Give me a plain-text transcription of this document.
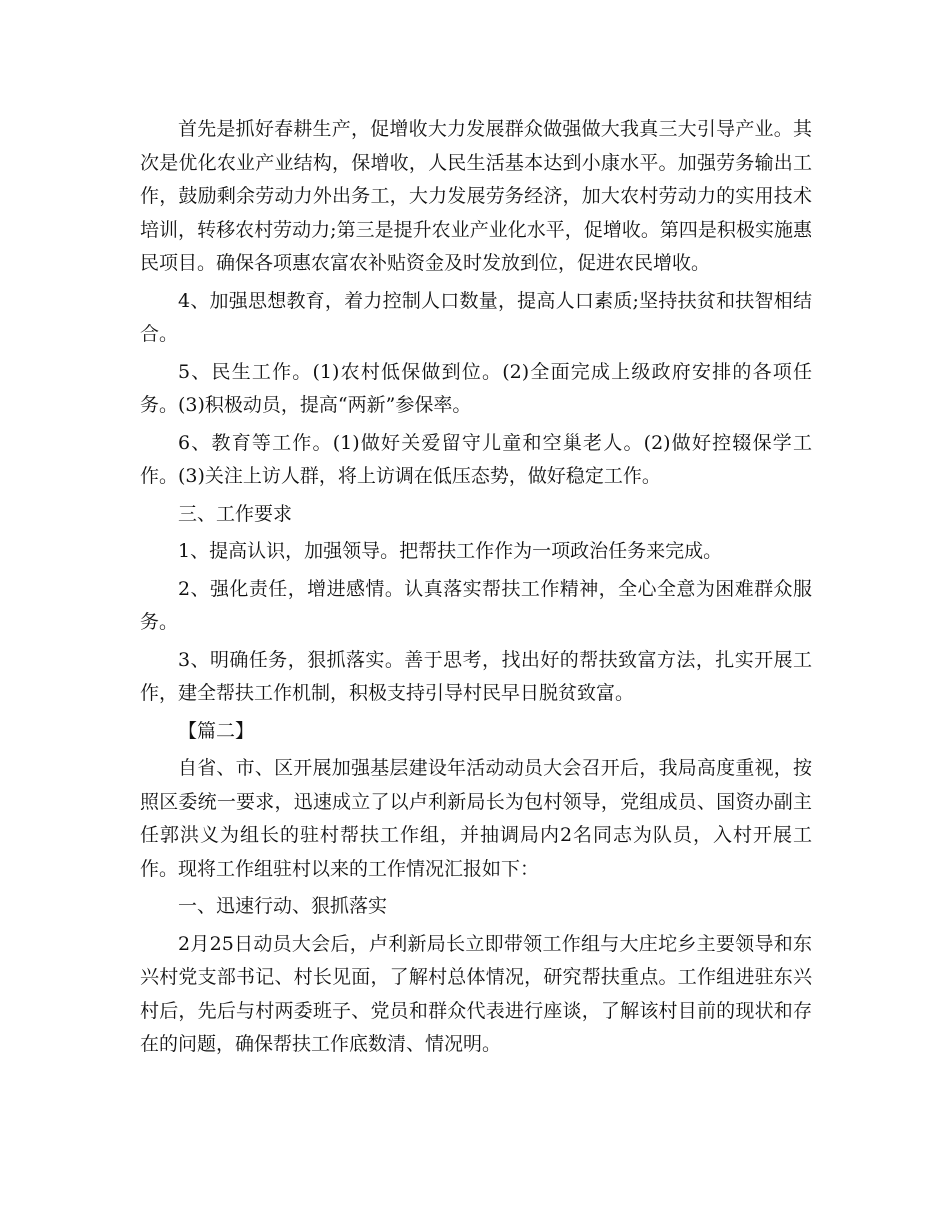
首先是抓好春耕生产，促增收大力发展群众做强做大我真三大引导产业。其次是优化农业产业结构，保增收，人民生活基本达到小康水平。加强劳务输出工作，鼓励剩余劳动力外出务工，大力发展劳务经济，加大农村劳动力的实用技术培训，转移农村劳动力;第三是提升农业产业化水平，促增收。第四是积极实施惠民项目。确保各项惠农富农补贴资金及时发放到位，促进农民增收。

4、加强思想教育，着力控制人口数量，提高人口素质;坚持扶贫和扶智相结合。

5、民生工作。(1)农村低保做到位。(2)全面完成上级政府安排的各项任务。(3)积极动员，提高“两新”参保率。

6、教育等工作。(1)做好关爱留守儿童和空巢老人。(2)做好控辍保学工作。(3)关注上访人群，将上访调在低压态势，做好稳定工作。

三、工作要求

1、提高认识，加强领导。把帮扶工作作为一项政治任务来完成。

2、强化责任，增进感情。认真落实帮扶工作精神，全心全意为困难群众服务。

3、明确任务，狠抓落实。善于思考，找出好的帮扶致富方法，扎实开展工作，建全帮扶工作机制，积极支持引导村民早日脱贫致富。

【篇二】

自省、市、区开展加强基层建设年活动动员大会召开后，我局高度重视，按照区委统一要求，迅速成立了以卢利新局长为包村领导，党组成员、国资办副主任郭洪义为组长的驻村帮扶工作组，并抽调局内2名同志为队员，入村开展工作。现将工作组驻村以来的工作情况汇报如下：

一、迅速行动、狠抓落实

2月25日动员大会后，卢利新局长立即带领工作组与大庄坨乡主要领导和东兴村党支部书记、村长见面，了解村总体情况，研究帮扶重点。工作组进驻东兴村后，先后与村两委班子、党员和群众代表进行座谈，了解该村目前的现状和存在的问题，确保帮扶工作底数清、情况明。
